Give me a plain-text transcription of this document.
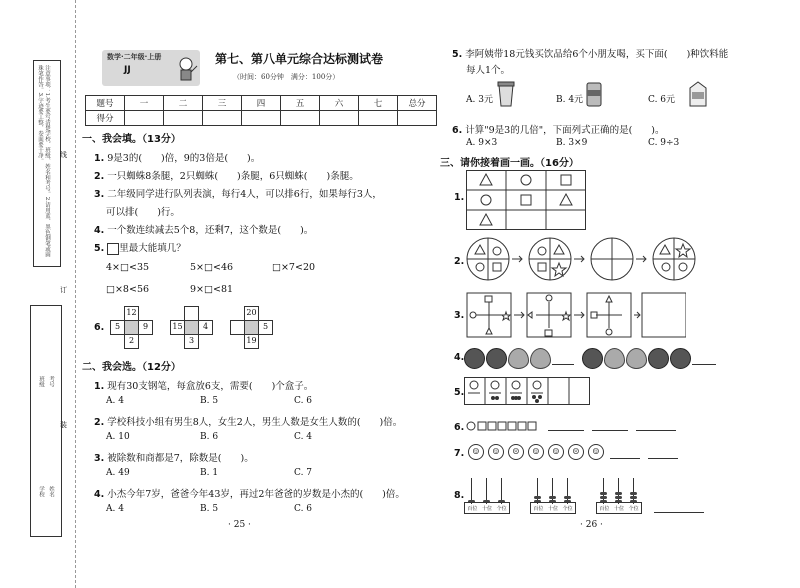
注意事项：1.考生要写清楚学校、班级、姓名和考号。2.请用蓝、黑色钢笔或圆珠笔作答。3.字迹要工整，卷面要干净。	线
订
装
学校 姓名
班级 考号
数学·二年级·上册
JJ
第七、第八单元综合达标测试卷
（时间：60分钟　满分：100分）
题号	一	二	三	四	五	六	七	总分
得分								
一、我会填。（13分）
1. 9是3的(　　)倍，9的3倍是(　　)。
2. 一只蜘蛛8条腿，2只蜘蛛(　　)条腿，6只蜘蛛(　　)条腿。
3. 二年级同学进行队列表演，每行4人，可以排6行，如果每行3人，
可以排(　　)行。
4. 一个数连续减去5个8，还剩7，这个数是(　　)。
5. 里最大能填几？
4×□<35	5×□<46	□×7<20
□×8<56	9×□<81
6.
12
5	9
2
15	4
3
20
5
19
二、我会选。（12分）
1. 现有30支钢笔，每盒放6支，需要(　　)个盒子。
A. 4	B. 5	C. 6
2. 学校科技小组有男生8人，女生2人，男生人数是女生人数的(　　)倍。
A. 10	B. 6	C. 4
3. 被除数和商都是7，除数是(　　)。
A. 49	B. 1	C. 7
4. 小杰今年7岁，爸爸今年43岁，再过2年爸爸的岁数是小杰的(　　)倍。
A. 4	B. 5	C. 6
· 25 ·
5. 李阿姨带18元钱买饮品给6个小朋友喝，买下面(　　)种饮料能
每人1个。
A. 3元	B. 4元	C. 6元
6. 计算"9是3的几倍"，下面列式正确的是(　　)。
A. 9×3	B. 3×9	C. 9÷3
三、请你接着画一画。（16分）
1.
2.
3.
4.
5.
6.
7.	☺	☺	☹	☺	☺	☹	☺
8.
百位 十位 个位	百位 十位 个位	百位 十位 个位
· 26 ·
